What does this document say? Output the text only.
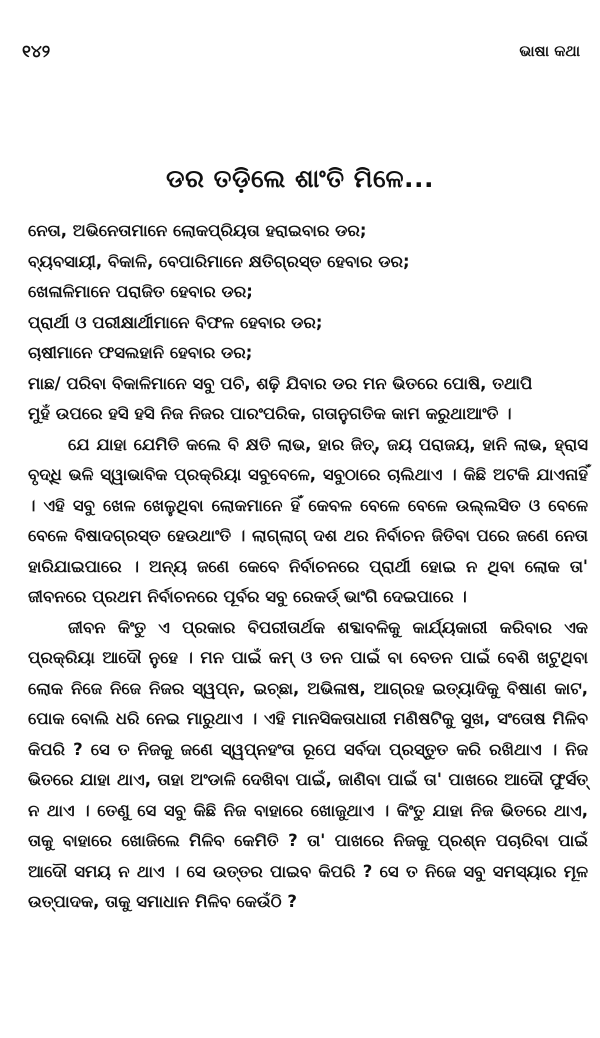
୧୪୨	ଭାଷା କଥା
ଡର ତଡ଼ିଲେ ଶାଂତି ମିଳେ...
ନେତା, ଅଭିନେତାମାନେ ଲୋକପ୍ରିୟତା ହରାଇବାର ଡର;
ବ୍ୟବସାୟୀ, ବିକାଳି, ବେପାରିମାନେ କ୍ଷତିଗ୍ରସ୍ତ ହେବାର ଡର;
ଖେଳାଳିମାନେ ପରାଜିତ ହେବାର ଡର;
ପ୍ରାର୍ଥୀ ଓ ପରୀକ୍ଷାର୍ଥୀମାନେ ବିଫଳ ହେବାର ଡର;
ଚାଷୀମାନେ ଫସଲହାନି ହେବାର ଡର;
ମାଛ/ ପରିବା ବିକାଳିମାନେ ସବୁ ପଚି, ଶଢ଼ି ଯିବାର ଡର ମନ ଭିତରେ ପୋଷି, ତଥାପି
ମୁହଁ ଉପରେ ହସି ହସି ନିଜ ନିଜର ପାରଂପରିକ, ଗତାନୁଗତିକ କାମ କରୁଥାଆଂତି ।

ଯେ ଯାହା ଯେମିତି କଲେ ବି କ୍ଷତି ଲାଭ, ହାର ଜିତ୍, ଜୟ ପରାଜୟ, ହାନି ଲାଭ, ହ୍ରାସ ବୃଦ୍ଧି ଭଳି ସ୍ୱାଭାବିକ ପ୍ରକ୍ରିୟା ସବୁବେଳେ, ସବୁଠାରେ ଚାଲିଥାଏ । କିଛି ଅଟକି ଯାଏନାହିଁ । ଏହି ସବୁ ଖେଳ ଖେଳୁଥିବା ଲୋକମାନେ ହିଁ କେବଳ ବେଳେ ବେଳେ ଉଲ୍ଲସିତ ଓ ବେଳେ ବେଳେ ବିଷାଦଗ୍ରସ୍ତ ହେଉଥାଂତି । ଲାଗ୍‌ଲାଗ୍ ଦଶ ଥର ନିର୍ବାଚନ ଜିତିବା ପରେ ଜଣେ ନେତା ହାରିଯାଇପାରେ । ଅନ୍ୟ ଜଣେ କେବେ ନିର୍ବାଚନରେ ପ୍ରାର୍ଥୀ ହୋଇ ନ ଥିବା ଲୋକ ତା' ଜୀବନରେ ପ୍ରଥମ ନିର୍ବାଚନରେ ପୂର୍ବର ସବୁ ରେକର୍ଡ୍ ଭାଂଗି ଦେଇପାରେ ।

ଜୀବନ କିଂତୁ ଏ ପ୍ରକାର ବିପରୀତାର୍ଥକ ଶବ୍ଦାବଳିକୁ କାର୍ଯ୍ୟକାରୀ କରିବାର ଏକ ପ୍ରକ୍ରିୟା ଆଦୌ ନୁହେ । ମନ ପାଇଁ କମ୍ ଓ ତନ ପାଇଁ ବା ବେତନ ପାଇଁ ବେଶି ଖଟୁଥିବା ଲୋକ ନିଜେ ନିଜେ ନିଜର ସ୍ୱପ୍ନ, ଇଚ୍ଛା, ଅଭିଳାଷ, ଆଗ୍ରହ ଇତ୍ୟାଦିକୁ ବିଷାଣ କାଟ, ପୋକ ବୋଲି ଧରି ନେଇ ମାରୁଥାଏ । ଏହି ମାନସିକତାଧାରୀ ମଣିଷଟିକୁ ସୁଖ, ସଂତୋଷ ମିଳିବ କିପରି ? ସେ ତ ନିଜକୁ ଜଣେ ସ୍ୱପ୍ନହଂତା ରୂପେ ସର୍ବଦା ପ୍ରସ୍ତୁତ କରି ରଖିଥାଏ । ନିଜ ଭିତରେ ଯାହା ଥାଏ, ତାହା ଅଂଡାଳି ଦେଖିବା ପାଇଁ, ଜାଣିବା ପାଇଁ ତା' ପାଖରେ ଆଦୌ ଫୁର୍ସତ୍ ନ ଥାଏ । ତେଣୁ ସେ ସବୁ କିଛି ନିଜ ବାହାରେ ଖୋଜୁଥାଏ । କିଂତୁ ଯାହା ନିଜ ଭିତରେ ଥାଏ, ତାକୁ ବାହାରେ ଖୋଜିଲେ ମିଳିବ କେମିତି ? ତା' ପାଖରେ ନିଜକୁ ପ୍ରଶ୍ନ ପଚାରିବା ପାଇଁ ଆଦୌ ସମୟ ନ ଥାଏ । ସେ ଉତ୍ତର ପାଇବ କିପରି ? ସେ ତ ନିଜେ ସବୁ ସମସ୍ୟାର ମୂଳ ଉତ୍ପାଦକ, ତାକୁ ସମାଧାନ ମିଳିବ କେଉଁଠି ?
